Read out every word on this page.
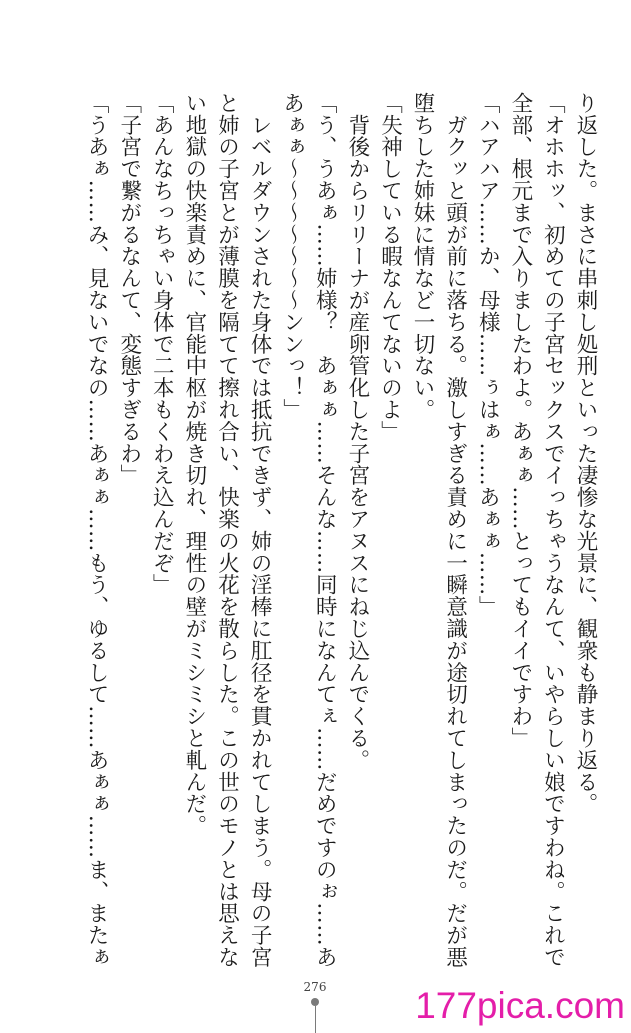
り返した。まさに串刺し処刑といった凄惨な光景に、観衆も静まり返る。
「オホホッ、初めての子宮セックスでイっちゃうなんて、いやらしい娘ですわね。これで
全部、根元まで入りましたわよ。あぁぁ……とってもイイですわ」
「ハアハア……か、母様……ぅはぁ……あぁぁ……」
　ガクッと頭が前に落ちる。激しすぎる責めに一瞬意識が途切れてしまったのだ。だが悪
堕ちした姉妹に情など一切ない。
「失神している暇なんてないのよ」
　背後からリリーナが産卵管化した子宮をアヌスにねじ込んでくる。
「う、うあぁ……姉様？　あぁぁ……そんな……同時になんてぇ……だめですのぉ……あ
あぁぁ〜〜〜〜〜〜〜ンンっ！」
　レベルダウンされた身体では抵抗できず、姉の淫棒に肛径を貫かれてしまう。母の子宮
と姉の子宮とが薄膜を隔てて擦れ合い、快楽の火花を散らした。この世のモノとは思えな
い地獄の快楽責めに、官能中枢が焼き切れ、理性の壁がミシミシと軋んだ。
「あんなちっちゃい身体で二本もくわえ込んだぞ」
「子宮で繋がるなんて、変態すぎるわ」
「うあぁ……み、見ないでなの……あぁぁ……もう、ゆるして……あぁぁ……ま、またぁ
276 177pica.com
